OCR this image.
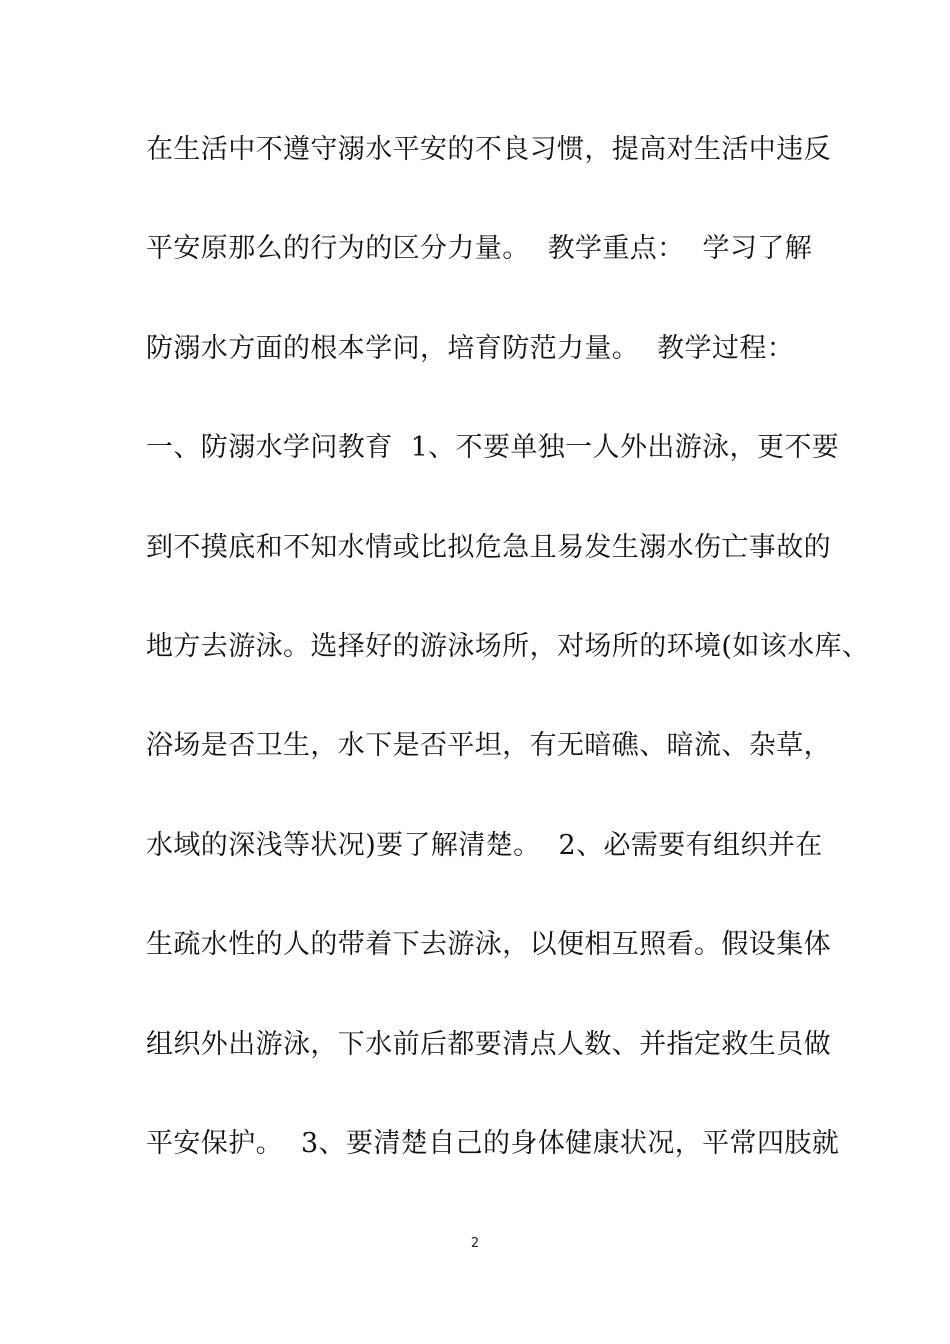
在生活中不遵守溺水平安的不良习惯，提高对生活中违反
平安原那么的行为的区分力量。  教学重点：  学习了解
防溺水方面的根本学问，培育防范力量。  教学过程：
一、防溺水学问教育  1、不要单独一人外出游泳，更不要
到不摸底和不知水情或比拟危急且易发生溺水伤亡事故的
地方去游泳。选择好的游泳场所，对场所的环境(如该水库、
浴场是否卫生，水下是否平坦，有无暗礁、暗流、杂草，
水域的深浅等状况)要了解清楚。  2、必需要有组织并在
生疏水性的人的带着下去游泳，以便相互照看。假设集体
组织外出游泳，下水前后都要清点人数、并指定救生员做
平安保护。  3、要清楚自己的身体健康状况，平常四肢就
2
